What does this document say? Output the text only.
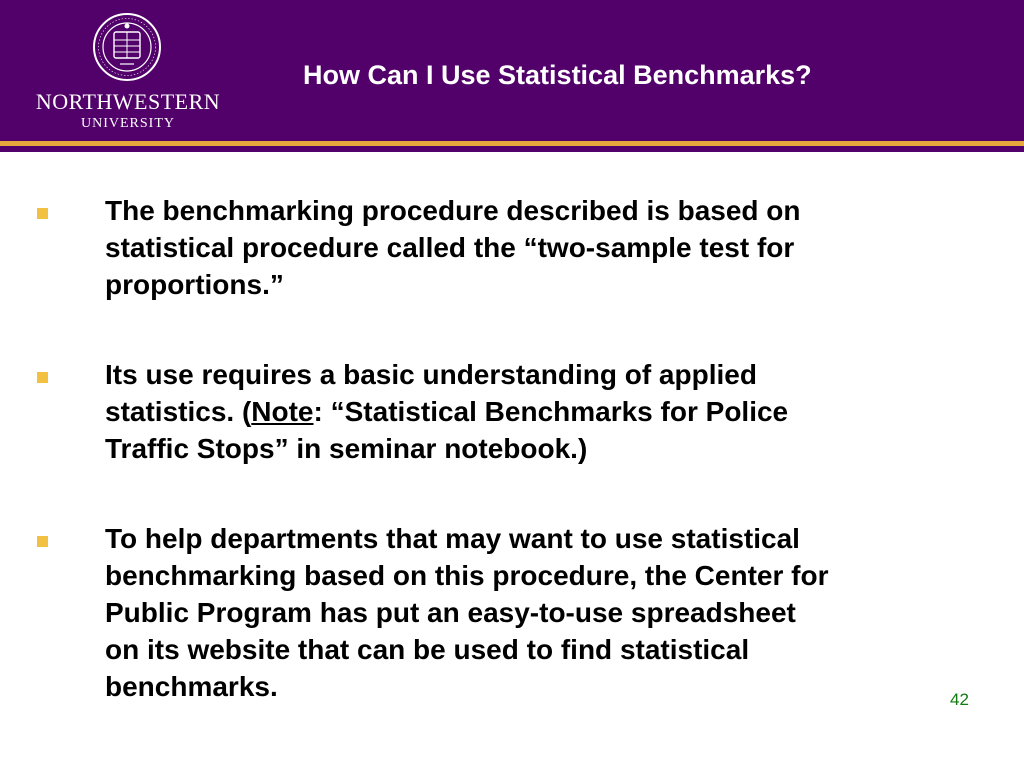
NORTHWESTERN
UNIVERSITY
How Can I Use Statistical Benchmarks?
The benchmarking procedure described is based on
statistical procedure called the “two-sample test for
proportions.”
Its use requires a basic understanding of applied
statistics. (Note: “Statistical Benchmarks for Police
Traffic Stops” in seminar notebook.)
To help departments that may want to use statistical
benchmarking based on this procedure, the Center for
Public Program has put an easy-to-use spreadsheet
on its website that can be used to find statistical
benchmarks.	42
